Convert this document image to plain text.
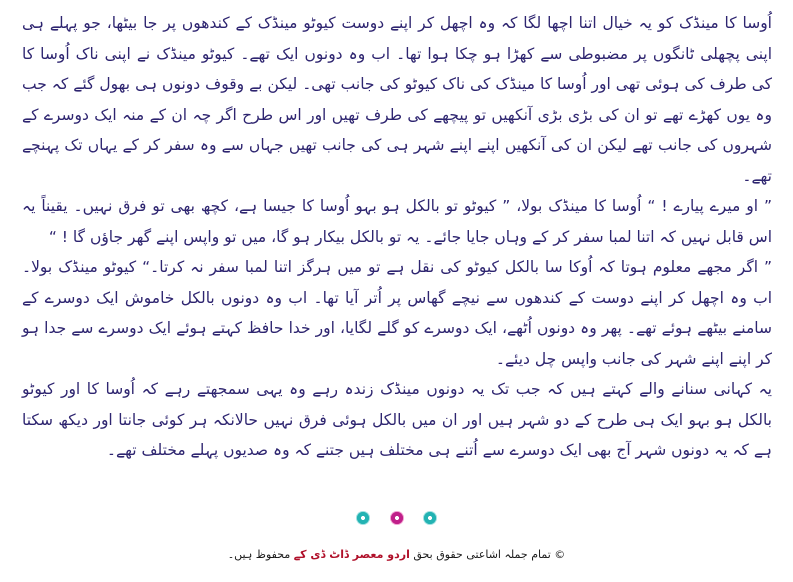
اُوسا کا مینڈک کو یہ خیال اتنا اچھا لگا کہ وہ اچھل کر اپنے دوست کیوٹو مینڈک کے کندھوں پر جا بیٹھا، جو پہلے ہی اپنی پچھلی ٹانگوں پر مضبوطی سے کھڑا ہو چکا ہوا تھا۔ اب وہ دونوں ایک تھے۔ کیوٹو مینڈک نے اپنی ناک اُوسا کا کی طرف کی ہوئی تھی اور اُوسا کا مینڈک کی ناک کیوٹو کی جانب تھی۔ لیکن بے وقوف دونوں ہی بھول گئے کہ جب وہ یوں کھڑے تھے تو ان کی بڑی بڑی آنکھیں تو پیچھے کی طرف تھیں اور اس طرح اگر چہ ان کے منہ ایک دوسرے کے شہروں کی جانب تھے لیکن ان کی آنکھیں اپنے اپنے شہر ہی کی جانب تھیں جہاں سے وہ سفر کر کے یہاں تک پہنچے تھے۔

” او میرے پیارے ! “ اُوسا کا مینڈک بولا، ” کیوٹو تو بالکل ہو بہو اُوسا کا جیسا ہے، کچھ بھی تو فرق نہیں۔ یقیناً یہ اس قابل نہیں کہ اتنا لمبا سفر کر کے وہاں جایا جائے۔ یہ تو بالکل بیکار ہو گا، میں تو واپس اپنے گھر جاؤں گا ! “

” اگر مجھے معلوم ہوتا کہ اُوکا سا بالکل کیوٹو کی نقل ہے تو میں ہرگز اتنا لمبا سفر نہ کرتا۔“ کیوٹو مینڈک بولا۔ اب وہ اچھل کر اپنے دوست کے کندھوں سے نیچے گھاس پر اُتر آیا تھا۔ اب وہ دونوں بالکل خاموش ایک دوسرے کے سامنے بیٹھے ہوئے تھے۔ پھر وہ دونوں اُٹھے، ایک دوسرے کو گلے لگایا، اور خدا حافظ کہتے ہوئے ایک دوسرے سے جدا ہو کر اپنے اپنے شہر کی جانب واپس چل دیئے۔

یہ کہانی سنانے والے کہتے ہیں کہ جب تک یہ دونوں مینڈک زندہ رہے وہ یہی سمجھتے رہے کہ اُوسا کا اور کیوٹو بالکل ہو بہو ایک ہی طرح کے دو شہر ہیں اور ان میں بالکل ہوئی فرق نہیں حالانکہ ہر کوئی جانتا اور دیکھ سکتا ہے کہ یہ دونوں شہر آج بھی ایک دوسرے سے اُتنے ہی مختلف ہیں جتنے کہ وہ صدیوں پہلے مختلف تھے۔

© تمام جملہ اشاعتی حقوق بحق اردو معصر ڈاٹ ڈی کے محفوظ ہیں۔
